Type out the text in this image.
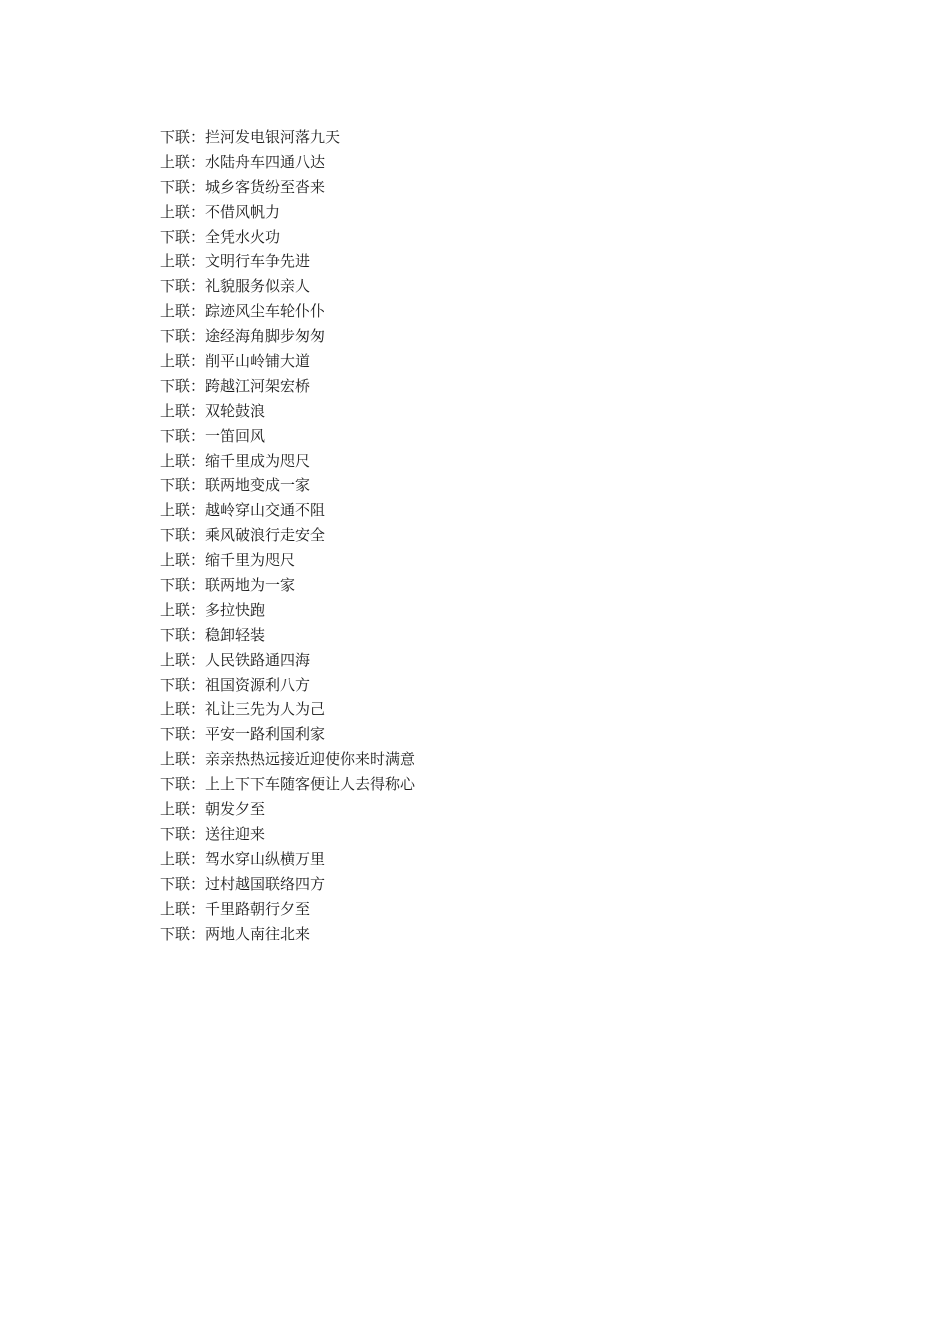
下联：拦河发电银河落九天
上联：水陆舟车四通八达
下联：城乡客货纷至沓来
上联：不借风帆力
下联：全凭水火功
上联：文明行车争先进
下联：礼貌服务似亲人
上联：踪迹风尘车轮仆仆
下联：途经海角脚步匆匆
上联：削平山岭铺大道
下联：跨越江河架宏桥
上联：双轮鼓浪
下联：一笛回风
上联：缩千里成为咫尺
下联：联两地变成一家
上联：越岭穿山交通不阻
下联：乘风破浪行走安全
上联：缩千里为咫尺
下联：联两地为一家
上联：多拉快跑
下联：稳卸轻装
上联：人民铁路通四海
下联：祖国资源利八方
上联：礼让三先为人为己
下联：平安一路利国利家
上联：亲亲热热远接近迎使你来时满意
下联：上上下下车随客便让人去得称心
上联：朝发夕至
下联：送往迎来
上联：驾水穿山纵横万里
下联：过村越国联络四方
上联：千里路朝行夕至
下联：两地人南往北来
